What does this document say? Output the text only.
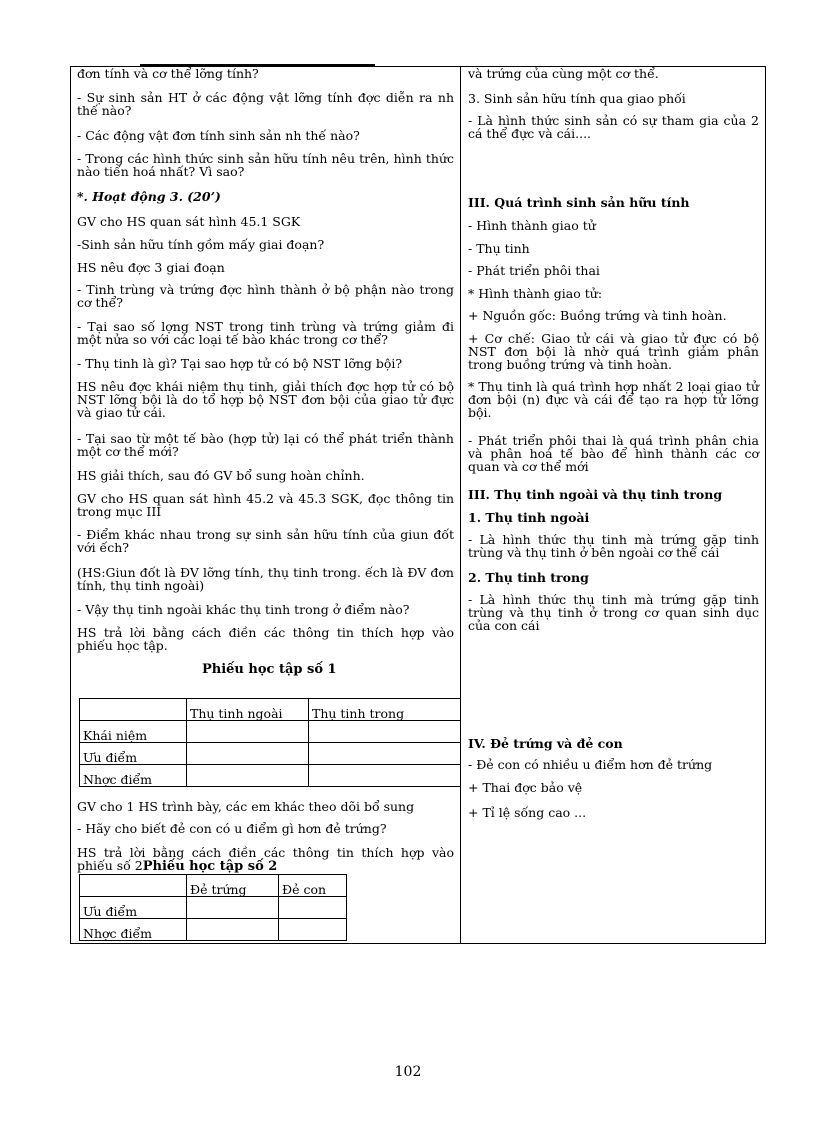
đơn tính và cơ thể lỡng tính?
- Sự sinh sản HT ở các động vật lỡng tính đợc diễn ra nh thế nào?
- Các động vật đơn tính sinh sản nh thế nào?
- Trong các hình thức sinh sản hữu tính nêu trên, hình thức nào tiến hoá nhất? Vì sao?
*. Hoạt động 3. (20’)
GV cho HS quan sát hình 45.1 SGK
-Sinh sản hữu tính gồm mấy giai đoạn?
HS nêu đợc 3 giai đoạn
- Tinh trùng và trứng đợc hình thành ở bộ phận nào trong cơ thể?
- Tại sao số lợng NST trong tinh trùng và trứng giảm đi một nửa so với các loại tế bào khác trong cơ thể?
- Thụ tinh là gì? Tại sao hợp tử có bộ NST lỡng bội?
HS nêu đợc khái niệm thụ tinh, giải thích đợc hợp tử có bộ NST lỡng bội là do tổ hợp bộ NST đơn bội của giao tử đực và giao tử cái.
- Tại sao từ một tế bào (hợp tử) lại có thể phát triển thành một cơ thể mới?
HS giải thích, sau đó GV bổ sung hoàn chỉnh.
GV cho HS quan sát hình 45.2 và 45.3 SGK, đọc thông tin trong mục III
- Điểm khác nhau trong sự sinh sản hữu tính của giun đốt với ếch?
(HS:Giun đốt là ĐV lỡng tính, thụ tinh trong. ếch là ĐV đơn tính, thụ tinh ngoài)
- Vậy thụ tinh ngoài khác thụ tinh trong ở điểm nào?
HS trả lời bằng cách điền các thông tin thích hợp vào phiếu học tập.
Phiếu học tập số 1
	Thụ tinh ngoài	Thụ tinh trong
Khái niệm		
Ưu điểm		
Nhợc điểm		
GV cho 1 HS trình bày, các em khác theo dõi bổ sung
- Hãy cho biết đẻ con có u điểm gì hơn đẻ trứng?
HS trả lời bằng cách điền các thông tin thích hợp vào phiếu số 2Phiếu học tập số 2
	Đẻ trứng	Đẻ con
Ưu điểm		
Nhợc điểm		
và trứng của cùng một cơ thể.
3. Sinh sản hữu tính qua giao phối
- Là hình thức sinh sản có sự tham gia của 2 cá thể đực và cái....
III. Quá trình sinh sản hữu tính
- Hình thành giao tử
- Thụ tinh
- Phát triển phôi thai
* Hình thành giao tử:
+ Nguồn gốc: Buồng trứng và tinh hoàn.
+ Cơ chế: Giao tử cái và giao tử đực có bộ NST đơn bội là nhờ quá trình giảm phân trong buồng trứng và tinh hoàn.
* Thụ tinh là quá trình hợp nhất 2 loại giao tử đơn bội (n) đực và cái để tạo ra hợp tử lỡng bội.
- Phát triển phôi thai là quá trình phân chia và phân hoá tế bào để hình thành các cơ quan và cơ thể mới
III. Thụ tinh ngoài và thụ tinh trong
1. Thụ tinh ngoài
- Là hình thức thụ tinh mà trứng gặp tinh trùng và thụ tinh ở bên ngoài cơ thể cái
2. Thụ tinh trong
- Là hình thức thụ tinh mà trứng gặp tinh trùng và thụ tinh ở trong cơ quan sinh dục của con cái
IV. Đẻ trứng và đẻ con
- Đẻ con có nhiều u điểm hơn đẻ trứng
+ Thai đợc bảo vệ
+ Tỉ lệ sống cao ...
102
